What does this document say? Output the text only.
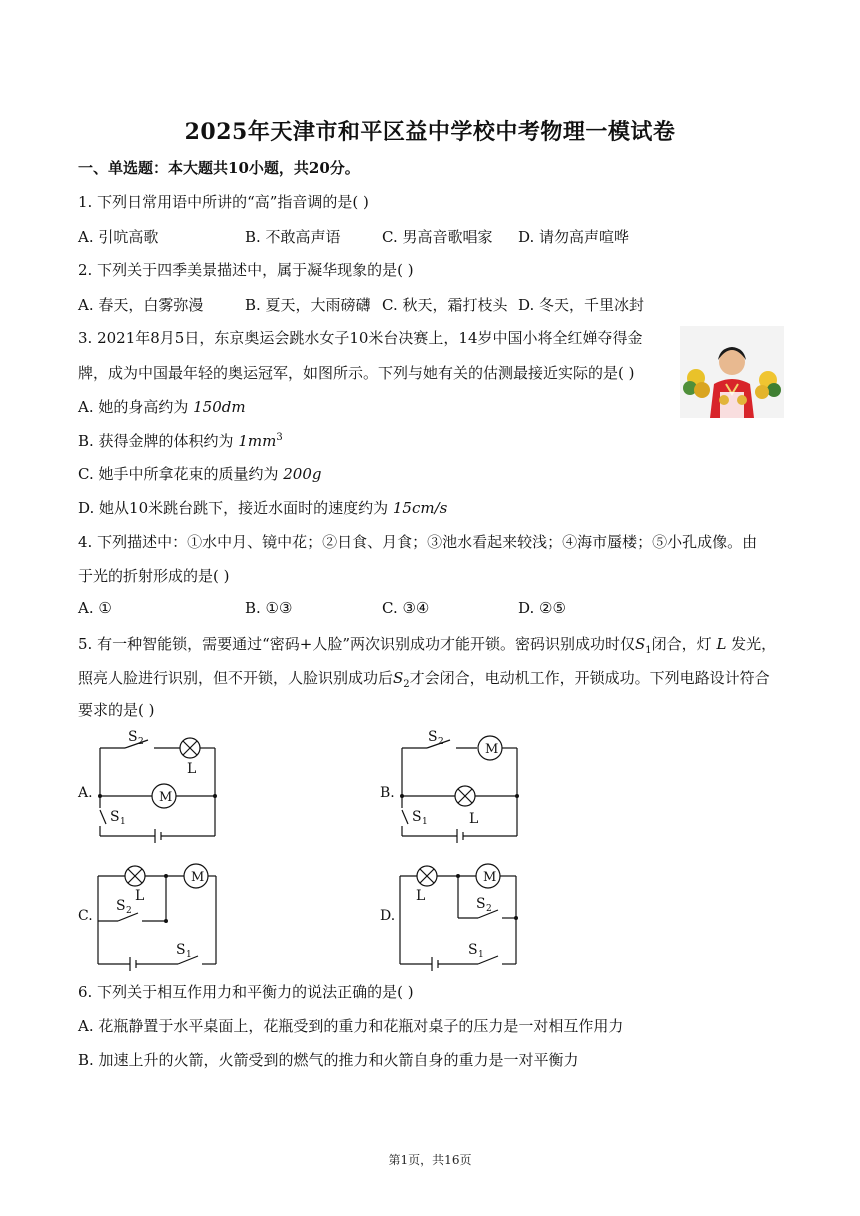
2025年天津市和平区益中学校中考物理一模试卷
一、单选题：本大题共10小题，共20分。
1. 下列日常用语中所讲的“高”指音调的是( )
A. 引吭高歌	B. 不敢高声语	C. 男高音歌唱家 D. 请勿高声喧哗
2. 下列关于四季美景描述中，属于凝华现象的是( )
A. 春天，白雾弥漫	B. 夏天，大雨磅礴 C. 秋天，霜打枝头 D. 冬天，千里冰封
3. 2021年8月5日，东京奥运会跳水女子10米台决赛上，14岁中国小将全红婵夺得金
牌，成为中国最年轻的奥运冠军，如图所示。下列与她有关的估测最接近实际的是( )
A. 她的身高约为 150dm
B. 获得金牌的体积约为 $1mm^3$
C. 她手中所拿花束的质量约为 200g
D. 她从10米跳台跳下，接近水面时的速度约为 15cm/s
4. 下列描述中：①水中月、镜中花；②日食、月食；③池水看起来较浅；④海市蜃楼；⑤小孔成像。由
于光的折射形成的是( )
A. ①	B. ①③	C. ③④	D. ②⑤
5. 有一种智能锁，需要通过“密码+人脸”两次识别成功才能开锁。密码识别成功时仅$S_1$闭合，灯 L 发光，
照亮人脸进行识别，但不开锁，人脸识别成功后$S_2$才会闭合，电动机工作，开锁成功。下列电路设计符合
要求的是( )
A.	B.
C.	D.
S 2
L
M
S 1
S 2	M
L
S 1
L
M
S 2
S 1
L
M
S 2
S 1
6. 下列关于相互作用力和平衡力的说法正确的是( )
A. 花瓶静置于水平桌面上，花瓶受到的重力和花瓶对桌子的压力是一对相互作用力
B. 加速上升的火箭，火箭受到的燃气的推力和火箭自身的重力是一对平衡力
第1页，共16页
